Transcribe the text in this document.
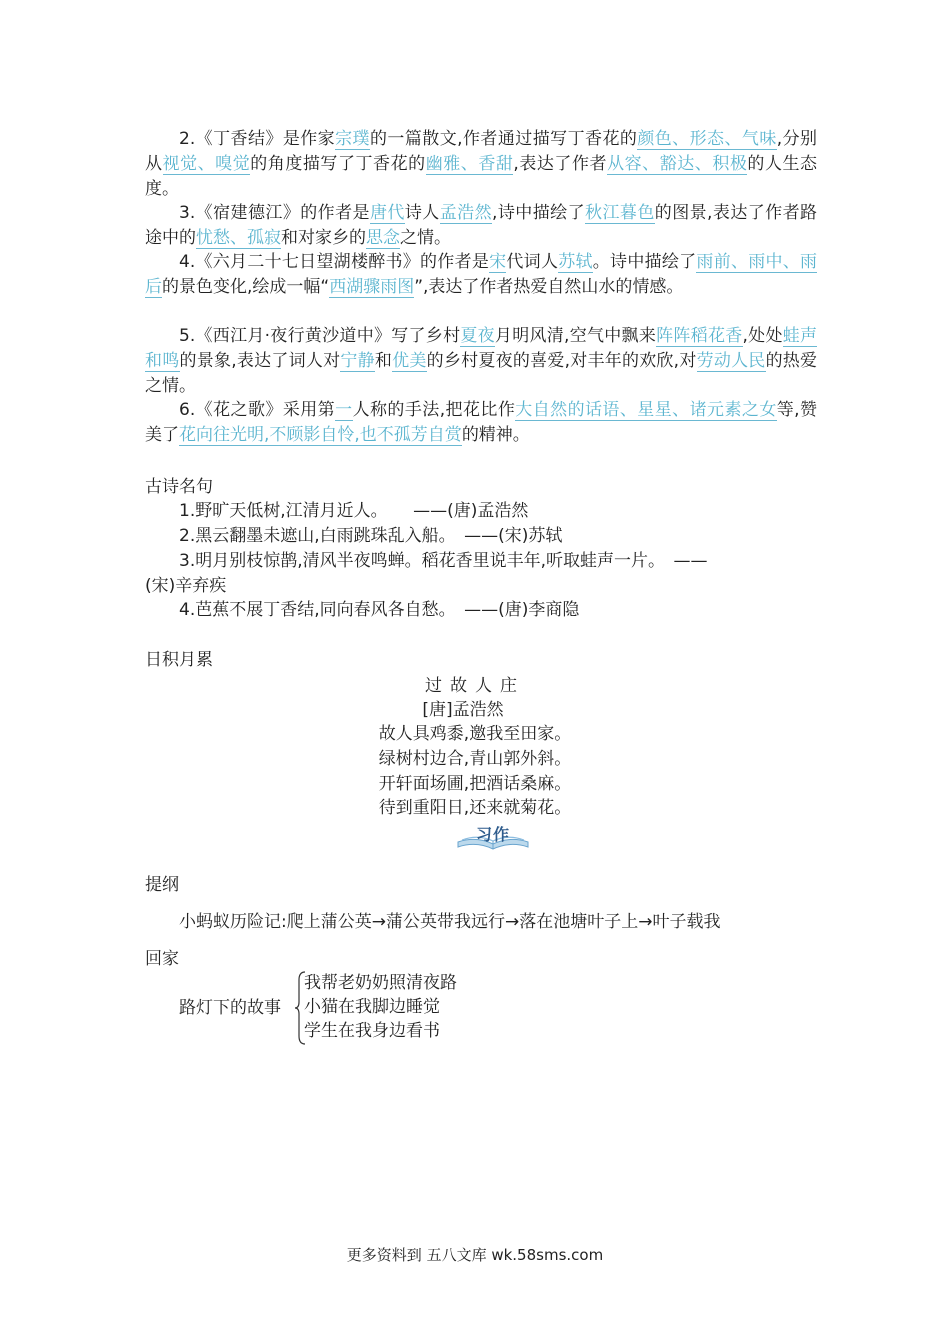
2.《丁香结》是作家宗璞的一篇散文,作者通过描写丁香花的颜色、形态、气味,分别从视觉、嗅觉的角度描写了丁香花的幽雅、香甜,表达了作者从容、豁达、积极的人生态度。

3.《宿建德江》的作者是唐代诗人孟浩然,诗中描绘了秋江暮色的图景,表达了作者路途中的忧愁、孤寂和对家乡的思念之情。

4.《六月二十七日望湖楼醉书》的作者是宋代词人苏轼。诗中描绘了雨前、雨中、雨后的景色变化,绘成一幅“西湖骤雨图”,表达了作者热爱自然山水的情感。

5.《西江月·夜行黄沙道中》写了乡村夏夜月明风清,空气中飘来阵阵稻花香,处处蛙声和鸣的景象,表达了词人对宁静和优美的乡村夏夜的喜爱,对丰年的欢欣,对劳动人民的热爱之情。

6.《花之歌》采用第一人称的手法,把花比作大自然的话语、星星、诸元素之女等,赞美了花向往光明,不顾影自怜,也不孤芳自赏的精神。

古诗名句
1.野旷天低树,江清月近人。　　——(唐)孟浩然
2.黑云翻墨未遮山,白雨跳珠乱入船。　——(宋)苏轼
3.明月别枝惊鹊,清风半夜鸣蝉。稻花香里说丰年,听取蛙声一片。　——
(宋)辛弃疾
4.芭蕉不展丁香结,同向春风各自愁。　——(唐)李商隐
日积月累
过故人庄
[唐]孟浩然
故人具鸡黍,邀我至田家。
绿树村边合,青山郭外斜。
开轩面场圃,把酒话桑麻。
待到重阳日,还来就菊花。
习作
提纲
小蚂蚁历险记:爬上蒲公英→蒲公英带我远行→落在池塘叶子上→叶子载我
回家
路灯下的故事
我帮老奶奶照清夜路
小猫在我脚边睡觉
学生在我身边看书
更多资料到 五八文库 wk.58sms.com
